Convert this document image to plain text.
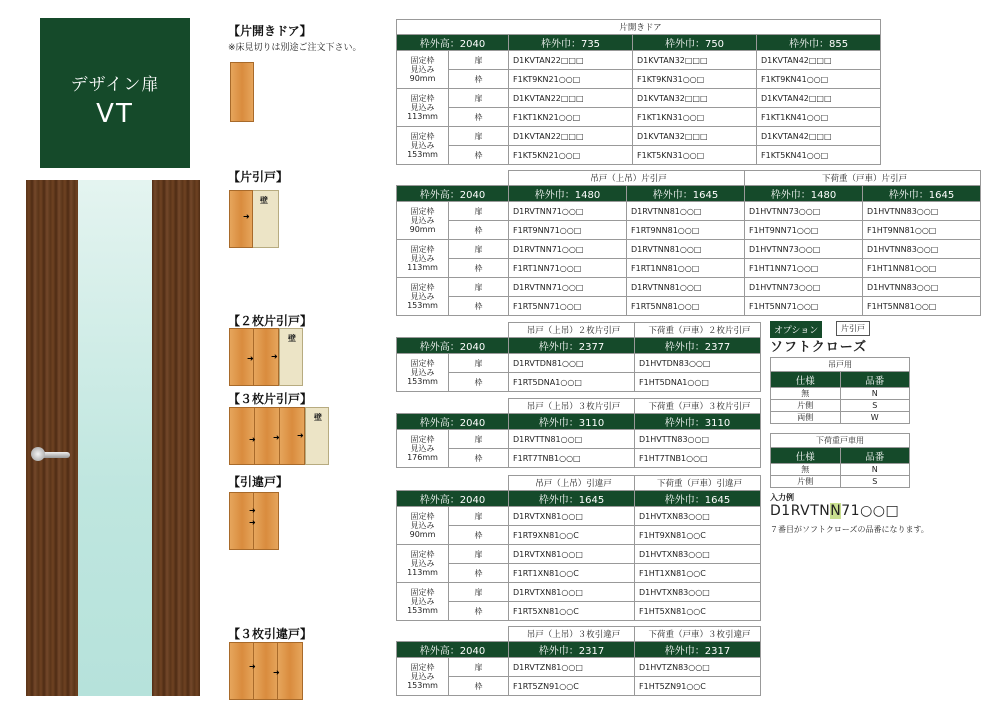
デザイン扉
VT
【片開きドア】
※床見切りは別途ご注文下さい。
【片引戸】
【２枚片引戸】
【３枚片引戸】
【引違戸】
【３枚引違戸】
壁
➜
壁
➜ ➜
壁
➜ ➜ ➜
➜
➜
➜
➜
片開きドア				
枠外高：2040		枠外巾：735	枠外巾：750	枠外巾：855
固定枠
見込み
90mm	扉	D1KVTAN22□□□	D1KVTAN32□□□	D1KVTAN42□□□
	枠	F1KT9KN21○○□	F1KT9KN31○○□	F1KT9KN41○○□
固定枠
見込み
113mm	扉	D1KVTAN22□□□	D1KVTAN32□□□	D1KVTAN42□□□
	枠	F1KT1KN21○○□	F1KT1KN31○○□	F1KT1KN41○○□
固定枠
見込み
153mm	扉	D1KVTAN22□□□	D1KVTAN32□□□	D1KVTAN42□□□
	枠	F1KT5KN21○○□	F1KT5KN31○○□	F1KT5KN41○○□
		吊戸（上吊）片引戸		下荷重（戸車）片引戸	
枠外高：2040		枠外巾：1480	枠外巾：1645	枠外巾：1480	枠外巾：1645
固定枠
見込み
90mm	扉	D1RVTNN71○○□	D1RVTNN81○○□	D1HVTNN73○○□	D1HVTNN83○○□
	枠	F1RT9NN71○○□	F1RT9NN81○○□	F1HT9NN71○○□	F1HT9NN81○○□
固定枠
見込み
113mm	扉	D1RVTNN71○○□	D1RVTNN81○○□	D1HVTNN73○○□	D1HVTNN83○○□
	枠	F1RT1NN71○○□	F1RT1NN81○○□	F1HT1NN71○○□	F1HT1NN81○○□
固定枠
見込み
153mm	扉	D1RVTNN71○○□	D1RVTNN81○○□	D1HVTNN73○○□	D1HVTNN83○○□
	枠	F1RT5NN71○○□	F1RT5NN81○○□	F1HT5NN71○○□	F1HT5NN81○○□
		吊戸（上吊）２枚片引戸	下荷重（戸車）２枚片引戸
枠外高：2040		枠外巾：2377	枠外巾：2377
固定枠
見込み
153mm	扉	D1RVTDN81○○□	D1HVTDN83○○□
	枠	F1RT5DNA1○○□	F1HT5DNA1○○□
		吊戸（上吊）３枚片引戸	下荷重（戸車）３枚片引戸
枠外高：2040		枠外巾：3110	枠外巾：3110
固定枠
見込み
176mm	扉	D1RVTTN81○○□	D1HVTTN83○○□
	枠	F1RT7TNB1○○□	F1HT7TNB1○○□
		吊戸（上吊）引違戸	下荷重（戸車）引違戸
枠外高：2040		枠外巾：1645	枠外巾：1645
固定枠
見込み
90mm	扉	D1RVTXN81○○□	D1HVTXN83○○□
	枠	F1RT9XN81○○C	F1HT9XN81○○C
固定枠
見込み
113mm	扉	D1RVTXN81○○□	D1HVTXN83○○□
	枠	F1RT1XN81○○C	F1HT1XN81○○C
固定枠
見込み
153mm	扉	D1RVTXN81○○□	D1HVTXN83○○□
	枠	F1RT5XN81○○C	F1HT5XN81○○C
		吊戸（上吊）３枚引違戸	下荷重（戸車）３枚引違戸
枠外高：2040		枠外巾：2317	枠外巾：2317
固定枠
見込み
153mm	扉	D1RVTZN81○○□	D1HVTZN83○○□
	枠	F1RT5ZN91○○C	F1HT5ZN91○○C
オプション	片引戸
ソフトクローズ
吊戸用	
仕様	品番
無	N
片側	S
両側	W
下荷重戸車用	
仕様	品番
無	N
片側	S
入力例
D1RVTNN71○○□
７番目がソフトクローズの品番になります。
